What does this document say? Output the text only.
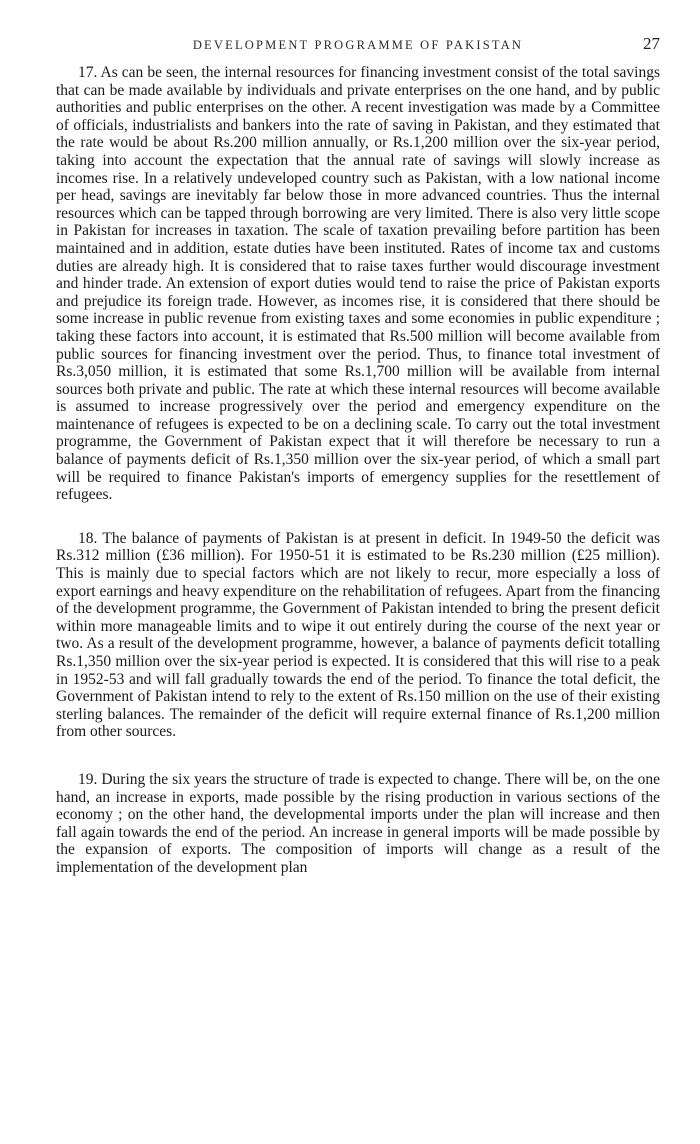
DEVELOPMENT PROGRAMME OF PAKISTAN	27

17. As can be seen, the internal resources for financing investment consist of the total savings that can be made available by individuals and private enterprises on the one hand, and by public authorities and public enterprises on the other. A recent investigation was made by a Committee of officials, industrialists and bankers into the rate of saving in Pakistan, and they estimated that the rate would be about Rs.200 million annually, or Rs.1,200 million over the six-year period, taking into account the expectation that the annual rate of savings will slowly increase as incomes rise. In a relatively undeveloped country such as Pakistan, with a low national income per head, savings are inevitably far below those in more advanced countries. Thus the internal resources which can be tapped through borrowing are very limited. There is also very little scope in Pakistan for increases in taxation. The scale of taxation prevailing before partition has been maintained and in addition, estate duties have been instituted. Rates of income tax and customs duties are already high. It is considered that to raise taxes further would discourage investment and hinder trade. An extension of export duties would tend to raise the price of Pakistan exports and prejudice its foreign trade. However, as incomes rise, it is considered that there should be some increase in public revenue from existing taxes and some economies in public expenditure ; taking these factors into account, it is estimated that Rs.500 million will become available from public sources for financing investment over the period. Thus, to finance total investment of Rs.3,050 million, it is estimated that some Rs.1,700 million will be available from internal sources both private and public. The rate at which these internal resources will become available is assumed to increase progressively over the period and emergency expenditure on the maintenance of refugees is expected to be on a declining scale. To carry out the total investment programme, the Government of Pakistan expect that it will therefore be necessary to run a balance of payments deficit of Rs.1,350 million over the six-year period, of which a small part will be required to finance Pakistan's imports of emergency supplies for the resettlement of refugees.

18. The balance of payments of Pakistan is at present in deficit. In 1949-50 the deficit was Rs.312 million (£36 million). For 1950-51 it is estimated to be Rs.230 million (£25 million). This is mainly due to special factors which are not likely to recur, more especially a loss of export earnings and heavy expenditure on the rehabilitation of refugees. Apart from the financing of the development programme, the Government of Pakistan intended to bring the present deficit within more manageable limits and to wipe it out entirely during the course of the next year or two. As a result of the development programme, however, a balance of payments deficit totalling Rs.1,350 million over the six-year period is expected. It is considered that this will rise to a peak in 1952-53 and will fall gradually towards the end of the period. To finance the total deficit, the Government of Pakistan intend to rely to the extent of Rs.150 million on the use of their existing sterling balances. The remainder of the deficit will require external finance of Rs.1,200 million from other sources.

19. During the six years the structure of trade is expected to change. There will be, on the one hand, an increase in exports, made possible by the rising production in various sections of the economy ; on the other hand, the developmental imports under the plan will increase and then fall again towards the end of the period. An increase in general imports will be made possible by the expansion of exports. The composition of imports will change as a result of the implementation of the development plan
